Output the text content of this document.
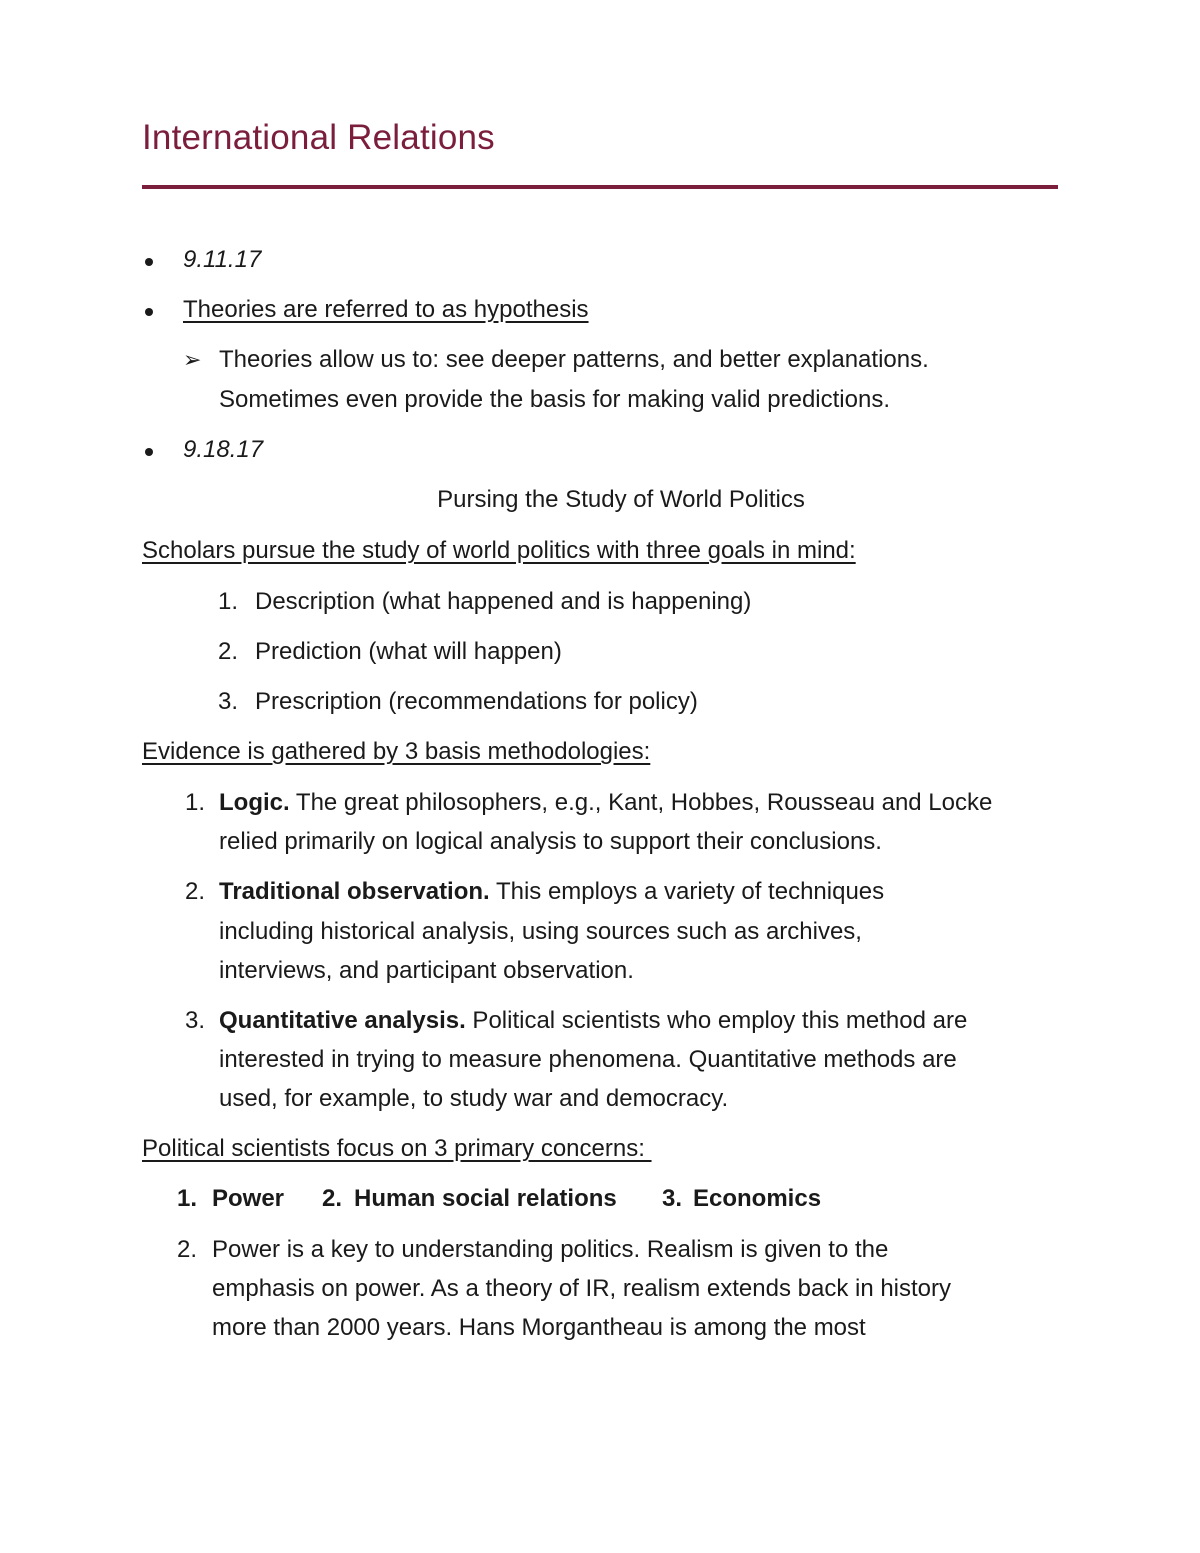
International Relations
9.11.17
Theories are referred to as hypothesis
➢ Theories allow us to: see deeper patterns, and better explanations.
Sometimes even provide the basis for making valid predictions.
9.18.17
Pursing the Study of World Politics
Scholars pursue the study of world politics with three goals in mind:
1. Description (what happened and is happening)
2. Prediction (what will happen)
3. Prescription (recommendations for policy)
Evidence is gathered by 3 basis methodologies:
1. Logic. The great philosophers, e.g., Kant, Hobbes, Rousseau and Locke
relied primarily on logical analysis to support their conclusions.
2. Traditional observation. This employs a variety of techniques
including historical analysis, using sources such as archives,
interviews, and participant observation.
3. Quantitative analysis. Political scientists who employ this method are
interested in trying to measure phenomena. Quantitative methods are
used, for example, to study war and democracy.
Political scientists focus on 3 primary concerns:
1. Power 2. Human social relations 3. Economics
2. Power is a key to understanding politics. Realism is given to the
emphasis on power. As a theory of IR, realism extends back in history
more than 2000 years. Hans Morgantheau is among the most
